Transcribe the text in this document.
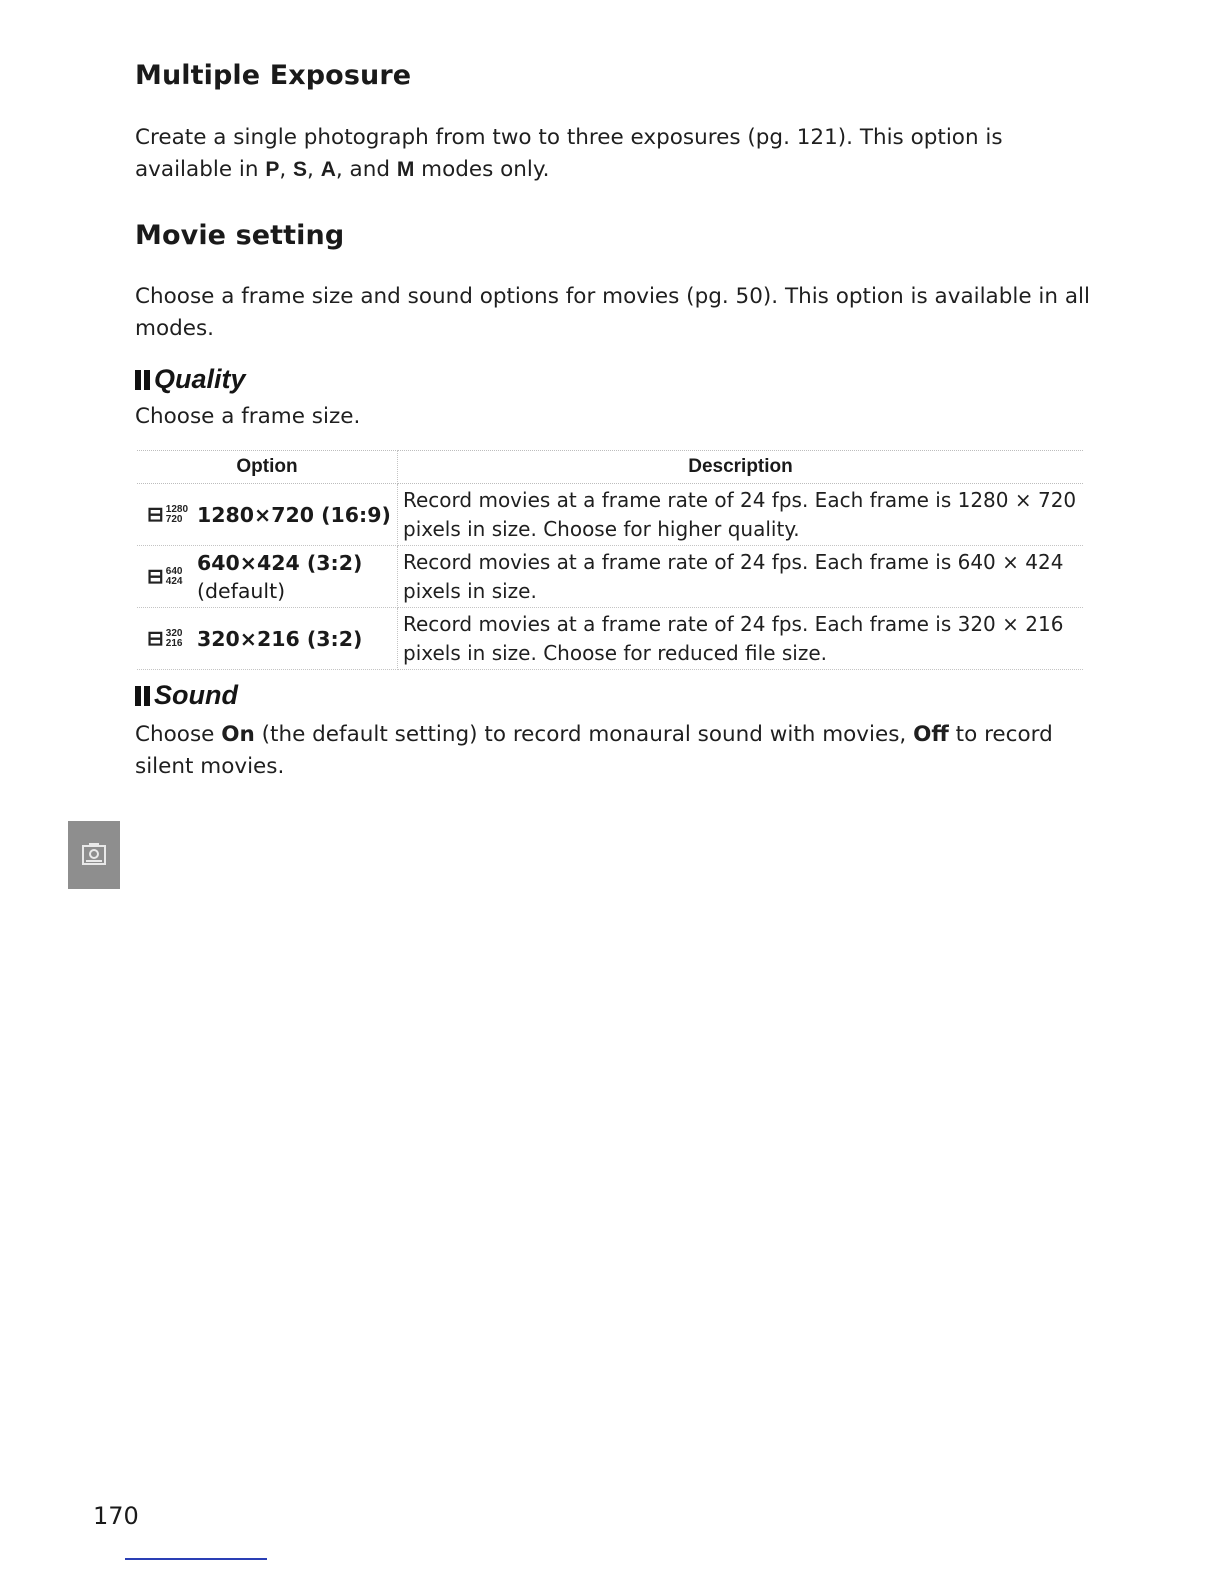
Multiple Exposure

Create a single photograph from two to three exposures (pg. 121). This option is available in P, S, A, and M modes only.

Movie setting

Choose a frame size and sound options for movies (pg. 50). This option is available in all modes.

Quality

Choose a frame size.

Option	Description

⊟ 1280
720 1280×720 (16:9)	Record movies at a frame rate of 24 fps. Each frame is 1280 × 720 pixels in size. Choose for higher quality.

⊟ 640
424
640×424 (3:2)
(default)	Record movies at a frame rate of 24 fps. Each frame is 640 × 424 pixels in size.

⊟ 320
216 320×216 (3:2)	Record movies at a frame rate of 24 fps. Each frame is 320 × 216 pixels in size. Choose for reduced file size.
Sound

Choose On (the default setting) to record monaural sound with movies, Off to record silent movies.

170
